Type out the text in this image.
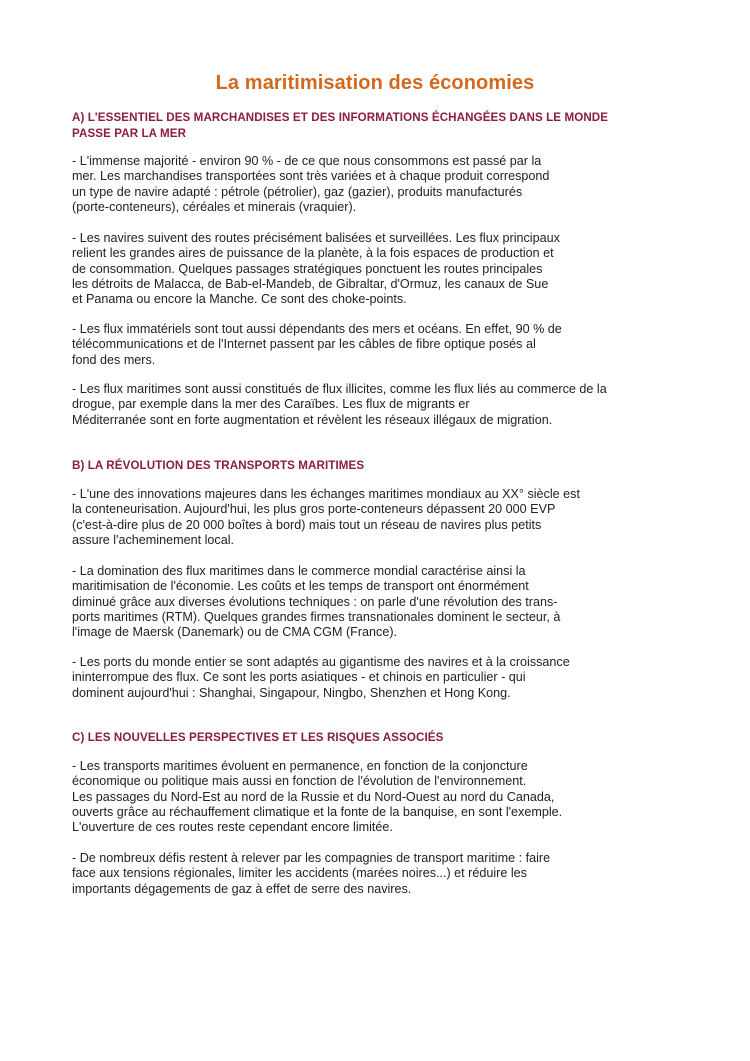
La maritimisation des économies
A) L'ESSENTIEL DES MARCHANDISES ET DES INFORMATIONS ÉCHANGÉES DANS LE MONDE
PASSE PAR LA MER

- L'immense majorité - environ 90 % - de ce que nous consommons est passé par la
mer. Les marchandises transportées sont très variées et à chaque produit correspond
un type de navire adapté : pétrole (pétrolier), gaz (gazier), produits manufacturés
(porte-conteneurs), céréales et minerais (vraquier).

- Les navires suivent des routes précisément balisées et surveillées. Les flux principaux
relient les grandes aires de puissance de la planète, à la fois espaces de production et
de consommation. Quelques passages stratégiques ponctuent les routes principales
les détroits de Malacca, de Bab-el-Mandeb, de Gibraltar, d'Ormuz, les canaux de Sue
et Panama ou encore la Manche. Ce sont des choke-points.

- Les flux immatériels sont tout aussi dépendants des mers et océans. En effet, 90 % de
télécommunications et de l'Internet passent par les câbles de fibre optique posés al
fond des mers.

- Les flux maritimes sont aussi constitués de flux illicites, comme les flux liés au commerce de la
drogue, par exemple dans la mer des Caraïbes. Les flux de migrants er
Méditerranée sont en forte augmentation et révèlent les réseaux illégaux de migration.

B) LA RÉVOLUTION DES TRANSPORTS MARITIMES

- L'une des innovations majeures dans les échanges maritimes mondiaux au XX° siècle est
la conteneurisation. Aujourd'hui, les plus gros porte-conteneurs dépassent 20 000 EVP
(c'est-à-dire plus de 20 000 boîtes à bord) mais tout un réseau de navires plus petits
assure l'acheminement local.

- La domination des flux maritimes dans le commerce mondial caractérise ainsi la
maritimisation de l'économie. Les coûts et les temps de transport ont énormément
diminué grâce aux diverses évolutions techniques : on parle d'une révolution des trans-
ports maritimes (RTM). Quelques grandes firmes transnationales dominent le secteur, à
l'image de Maersk (Danemark) ou de CMA CGM (France).

- Les ports du monde entier se sont adaptés au gigantisme des navires et à la croissance
ininterrompue des flux. Ce sont les ports asiatiques - et chinois en particulier - qui
dominent aujourd'hui : Shanghai, Singapour, Ningbo, Shenzhen et Hong Kong.

C) LES NOUVELLES PERSPECTIVES ET LES RISQUES ASSOCIÉS

- Les transports maritimes évoluent en permanence, en fonction de la conjoncture
économique ou politique mais aussi en fonction de l'évolution de l'environnement.
Les passages du Nord-Est au nord de la Russie et du Nord-Ouest au nord du Canada,
ouverts grâce au réchauffement climatique et la fonte de la banquise, en sont l'exemple.
L'ouverture de ces routes reste cependant encore limitée.

- De nombreux défis restent à relever par les compagnies de transport maritime : faire
face aux tensions régionales, limiter les accidents (marées noires...) et réduire les
importants dégagements de gaz à effet de serre des navires.
